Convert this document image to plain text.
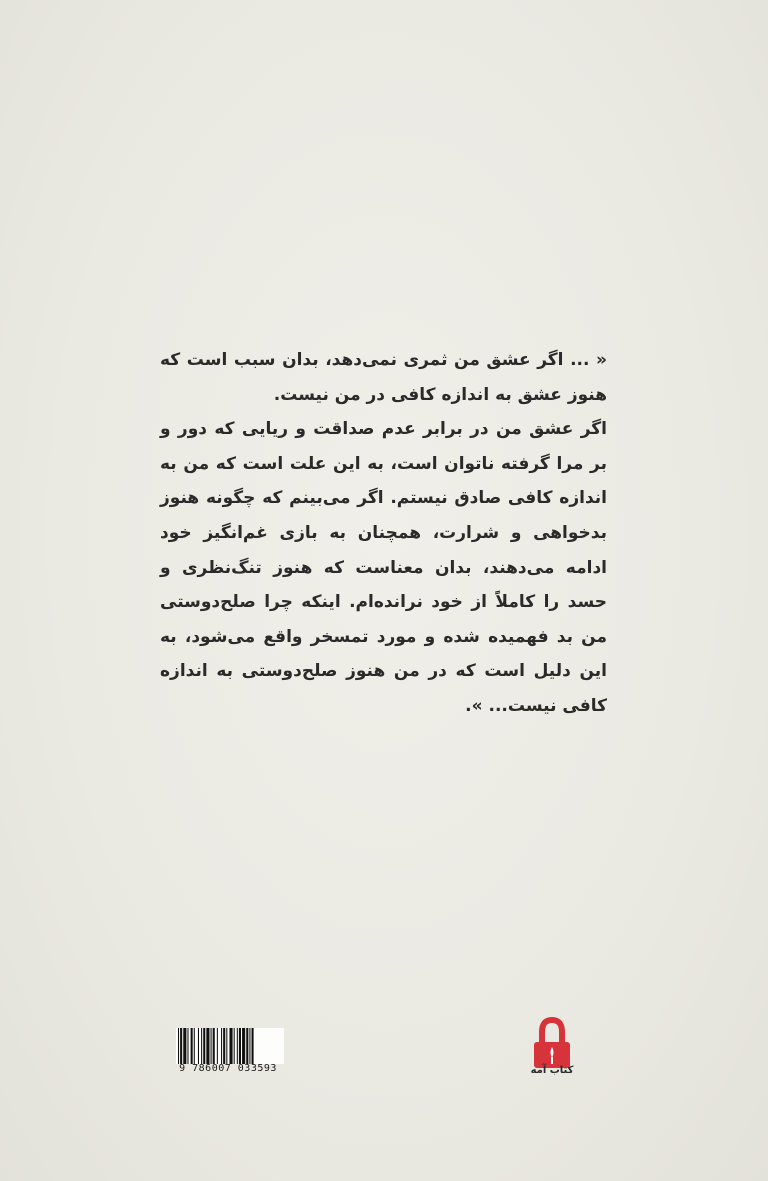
« ... اگر عشق من ثمری نمی‌دهد، بدان سبب است که هنوز عشق به اندازه کافی در من نیست.

اگر عشق من در برابر عدم صداقت و ریایی که دور و بر مرا گرفته ناتوان است، به این علت است که من به اندازه کافی صادق نیستم. اگر می‌بینم که چگونه هنوز بدخواهی و شرارت، همچنان به بازی غم‌انگیز خود ادامه می‌دهند، بدان معناست که هنوز تنگ‌نظری و حسد را کاملاً از خود نرانده‌ام. اینکه چرا صلح‌دوستی من بد فهمیده شده و مورد تمسخر واقع می‌شود، به این دلیل است که در من هنوز صلح‌دوستی به اندازه کافی نیست... ».

9 786007 033593	کتاب آمه
